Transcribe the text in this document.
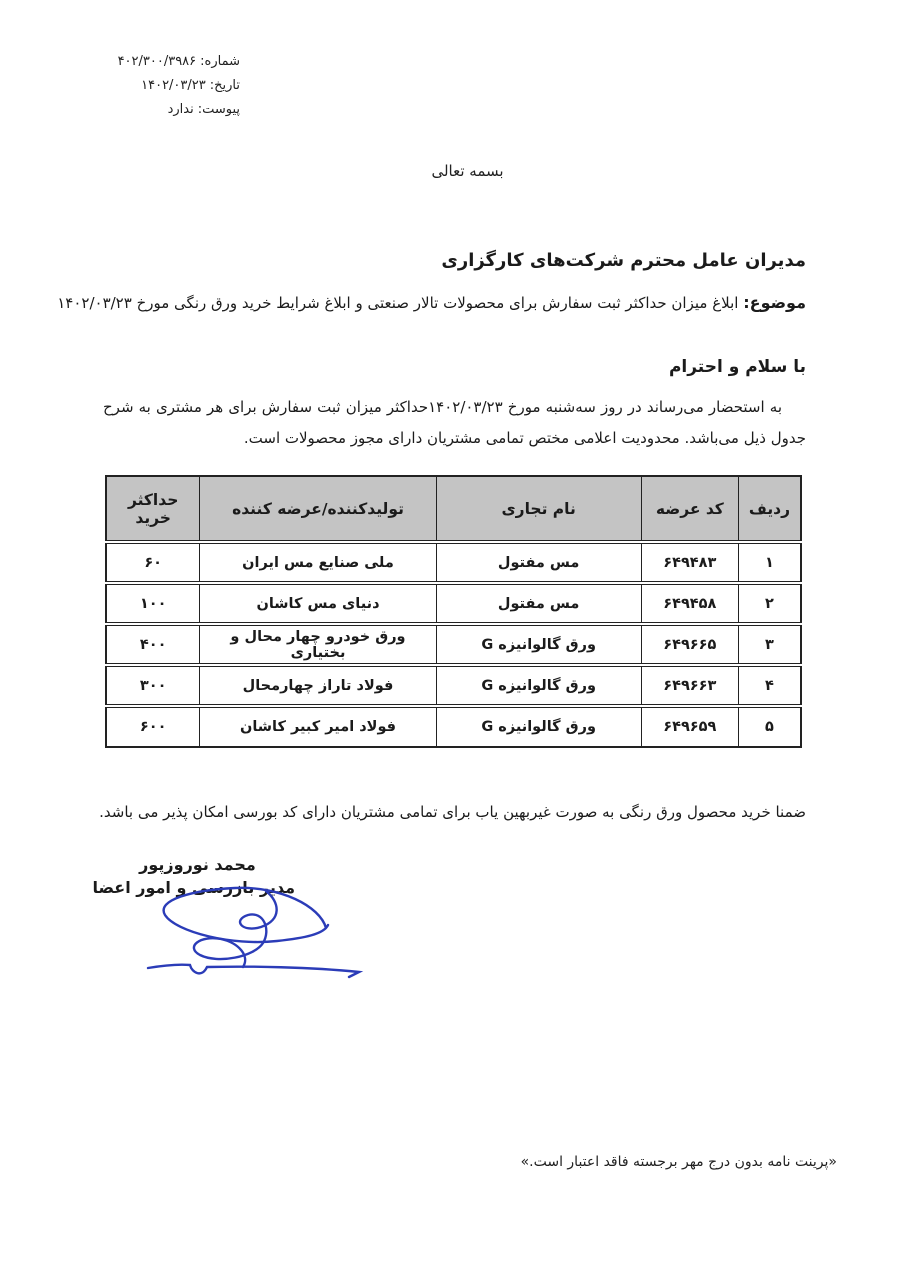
شماره:۴۰۲/۳۰۰/۳۹۸۶
تاریخ:۱۴۰۲/۰۳/۲۳
پیوست:ندارد
بسمه تعالی
مدیران عامل محترم شرکت‌های کارگزاری
موضوع: ابلاغ میزان حداکثر ثبت سفارش برای محصولات تالار صنعتی و ابلاغ شرایط خرید ورق رنگی مورخ ۱۴۰۲/۰۳/۲۳
با سلام و احترام

به استحضار می‌رساند در روز سه‌شنبه مورخ ۱۴۰۲/۰۳/۲۳حداکثر میزان ثبت سفارش برای هر مشتری به شرح جدول ذیل می‌باشد. محدودیت اعلامی مختص تمامی مشتریان دارای مجوز محصولات است.

ردیف	کد عرضه	نام تجاری	تولیدکننده/عرضه کننده	حداکثر خرید
۱	۶۴۹۴۸۳	مس مفتول	ملی صنایع مس ایران	۶۰
۲	۶۴۹۴۵۸	مس مفتول	دنیای مس کاشان	۱۰۰
۳	۶۴۹۶۶۵	ورق گالوانیزه G	ورق خودرو چهار محال و بختیاری	۴۰۰
۴	۶۴۹۶۶۳	ورق گالوانیزه G	فولاد تاراز چهارمحال	۳۰۰
۵	۶۴۹۶۵۹	ورق گالوانیزه G	فولاد امیر کبیر کاشان	۶۰۰

ضمنا خرید محصول ورق رنگی به صورت غیربهین یاب برای تمامی مشتریان دارای کد بورسی امکان پذیر می باشد.

محمد نوروزپور
مدیر بازرسی و امور اعضا
«پرینت نامه بدون درج مهر برجسته فاقد اعتبار است.»
